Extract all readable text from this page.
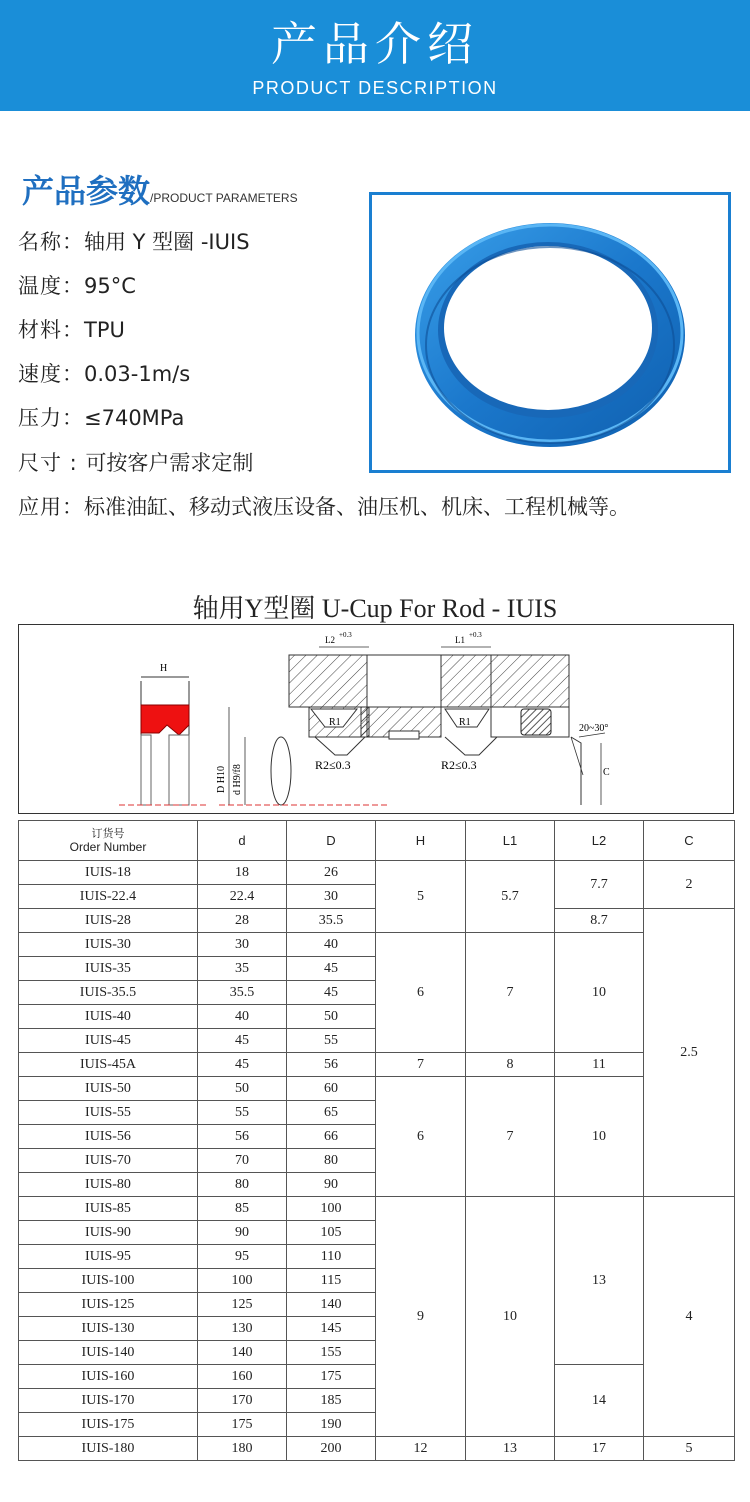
产品介绍
PRODUCT DESCRIPTION
产品参数/PRODUCT PARAMETERS
名称：轴用 Y 型圈 -IUIS
温度：95°C
材料：TPU
速度：0.03-1m/s
压力：≤740MPa
尺寸 : 可按客户需求定制
应用：标准油缸、移动式液压设备、油压机、机床、工程机械等。
轴用Y型圈 U-Cup For Rod - IUIS
H
R1	R1
R2≤0.3	R2≤0.3
L2 +0.3	L1 +0.3
D H10 d H9/f8
20~30°
C
订货号
Order Number	d	D	H	L1	L2	C
IUIS-18	18	26	5	5.7	7.7	2
IUIS-22.4	22.4	30				
IUIS-28	28	35.5			8.7	2.5
IUIS-30	30	40	6	7	10	
IUIS-35	35	45				
IUIS-35.5	35.5	45				
IUIS-40	40	50				
IUIS-45	45	55				
IUIS-45A	45	56	7	8	11	
IUIS-50	50	60	6	7	10	
IUIS-55	55	65				
IUIS-56	56	66				
IUIS-70	70	80				
IUIS-80	80	90				
IUIS-85	85	100	9	10	13	4
IUIS-90	90	105				
IUIS-95	95	110				
IUIS-100	100	115				
IUIS-125	125	140				
IUIS-130	130	145				
IUIS-140	140	155				
IUIS-160	160	175			14	
IUIS-170	170	185				
IUIS-175	175	190				
IUIS-180	180	200	12	13	17	5
